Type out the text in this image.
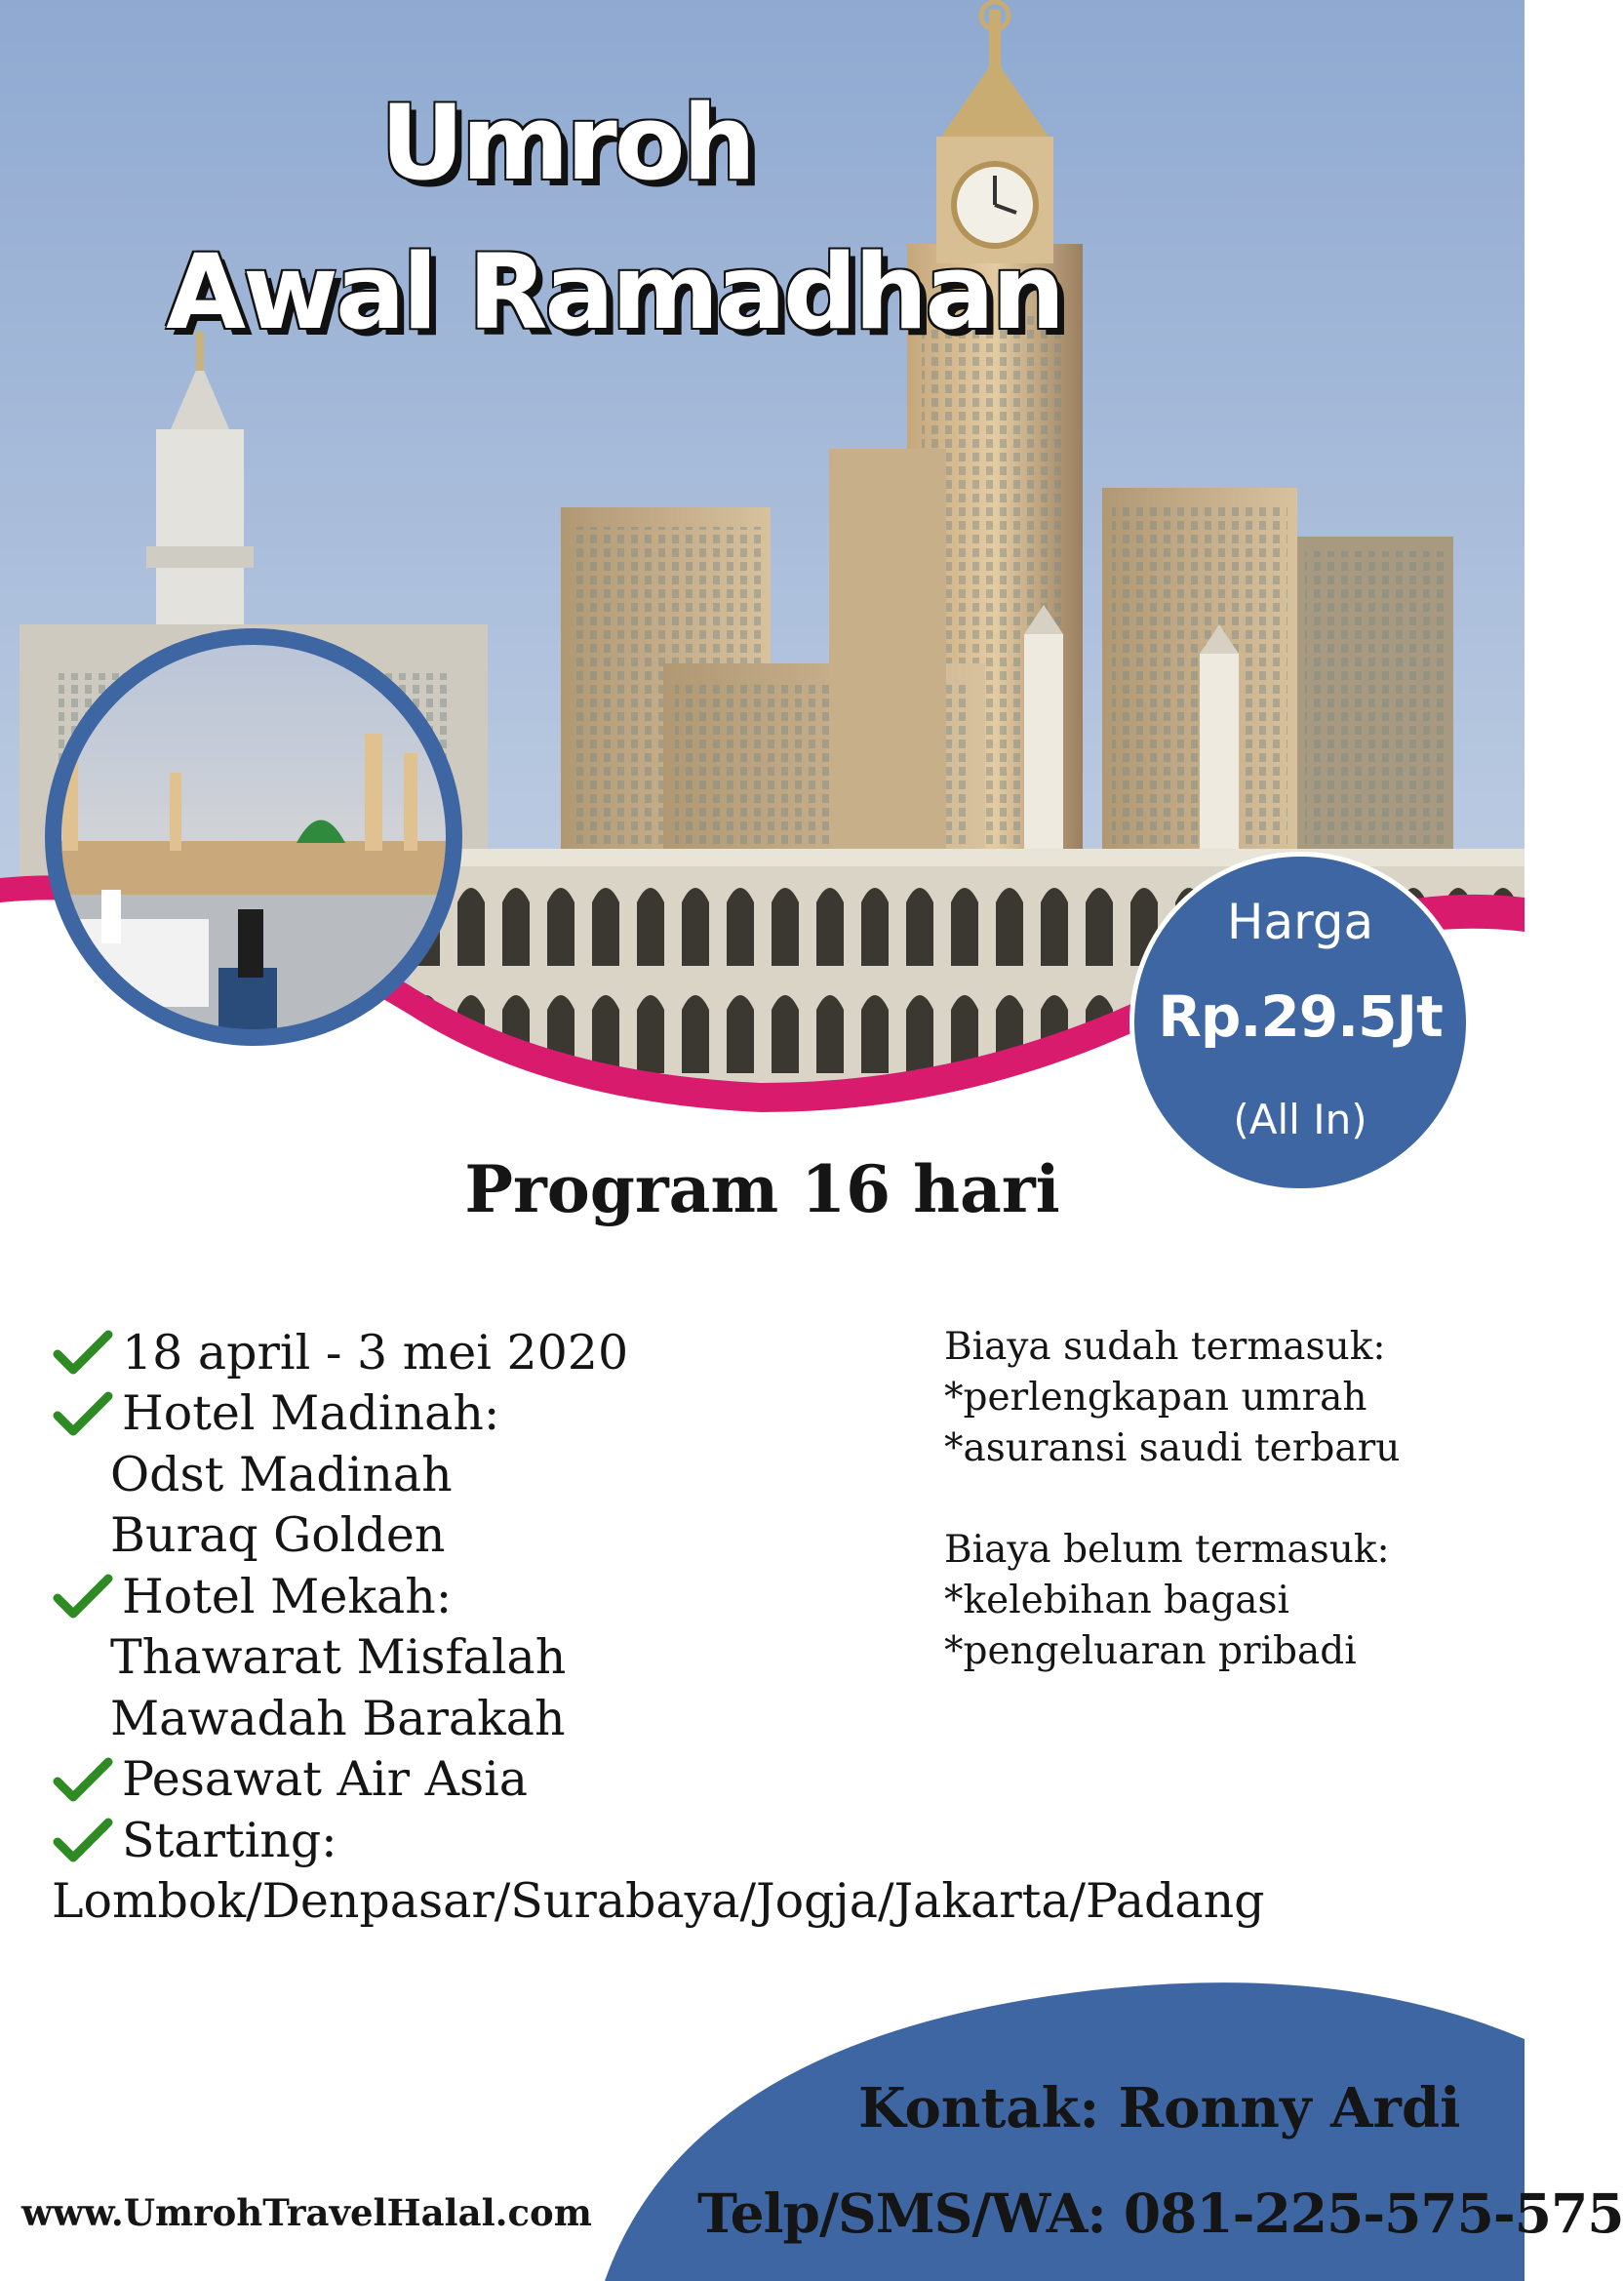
Umroh
Awal Ramadhan
Harga
Rp.29.5Jt
(All In)
Program 16 hari
18 april - 3 mei 2020
Hotel Madinah:
Odst Madinah
Buraq Golden
Hotel Mekah:
Thawarat Misfalah
Mawadah Barakah
Pesawat Air Asia
Starting:
Lombok/Denpasar/Surabaya/Jogja/Jakarta/Padang
Biaya sudah termasuk:
*perlengkapan umrah
*asuransi saudi terbaru
Biaya belum termasuk:
*kelebihan bagasi
*pengeluaran pribadi
Kontak: Ronny Ardi
Telp/SMS/WA: 081-225-575-575
www.UmrohTravelHalal.com
